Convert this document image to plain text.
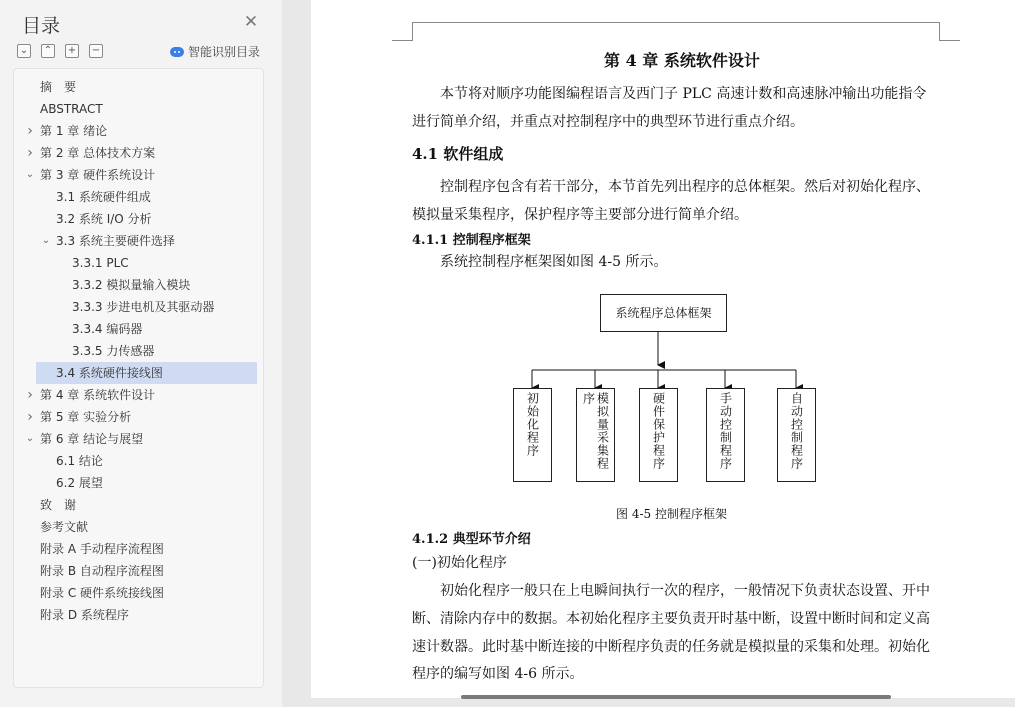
目录	✕
⌄ ⌃ + −	智能识别目录
摘　要
ABSTRACT
› 第 1 章 绪论
› 第 2 章 总体技术方案
⌄ 第 3 章 硬件系统设计
3.1 系统硬件组成
3.2 系统 I/O 分析
⌄ 3.3 系统主要硬件选择
3.3.1 PLC
3.3.2 模拟量输入模块
3.3.3 步进电机及其驱动器
3.3.4 编码器
3.3.5 力传感器
3.4 系统硬件接线图
› 第 4 章 系统软件设计
› 第 5 章 实验分析
⌄ 第 6 章 结论与展望
6.1 结论
6.2 展望
致　谢
参考文献
附录 A 手动程序流程图
附录 B 自动程序流程图
附录 C 硬件系统接线图
附录 D 系统程序
第 4 章 系统软件设计
本节将对顺序功能图编程语言及西门子 PLC 高速计数和高速脉冲输出功能指令
进行简单介绍，并重点对控制程序中的典型环节进行重点介绍。
4.1 软件组成
控制程序包含有若干部分，本节首先列出程序的总体框架。然后对初始化程序、
模拟量采集程序，保护程序等主要部分进行简单介绍。
4.1.1 控制程序框架
系统控制程序框架图如图 4-5 所示。
系统程序总体框架
初始化程序	模拟量采集程序	硬件保护程序	手动控制程序	自动控制程序
图 4-5 控制程序框架
4.1.2 典型环节介绍
(一)初始化程序
初始化程序一般只在上电瞬间执行一次的程序，一般情况下负责状态设置、开中
断、清除内存中的数据。本初始化程序主要负责开时基中断，设置中断时间和定义高
速计数器。此时基中断连接的中断程序负责的任务就是模拟量的采集和处理。初始化
程序的编写如图 4-6 所示。
